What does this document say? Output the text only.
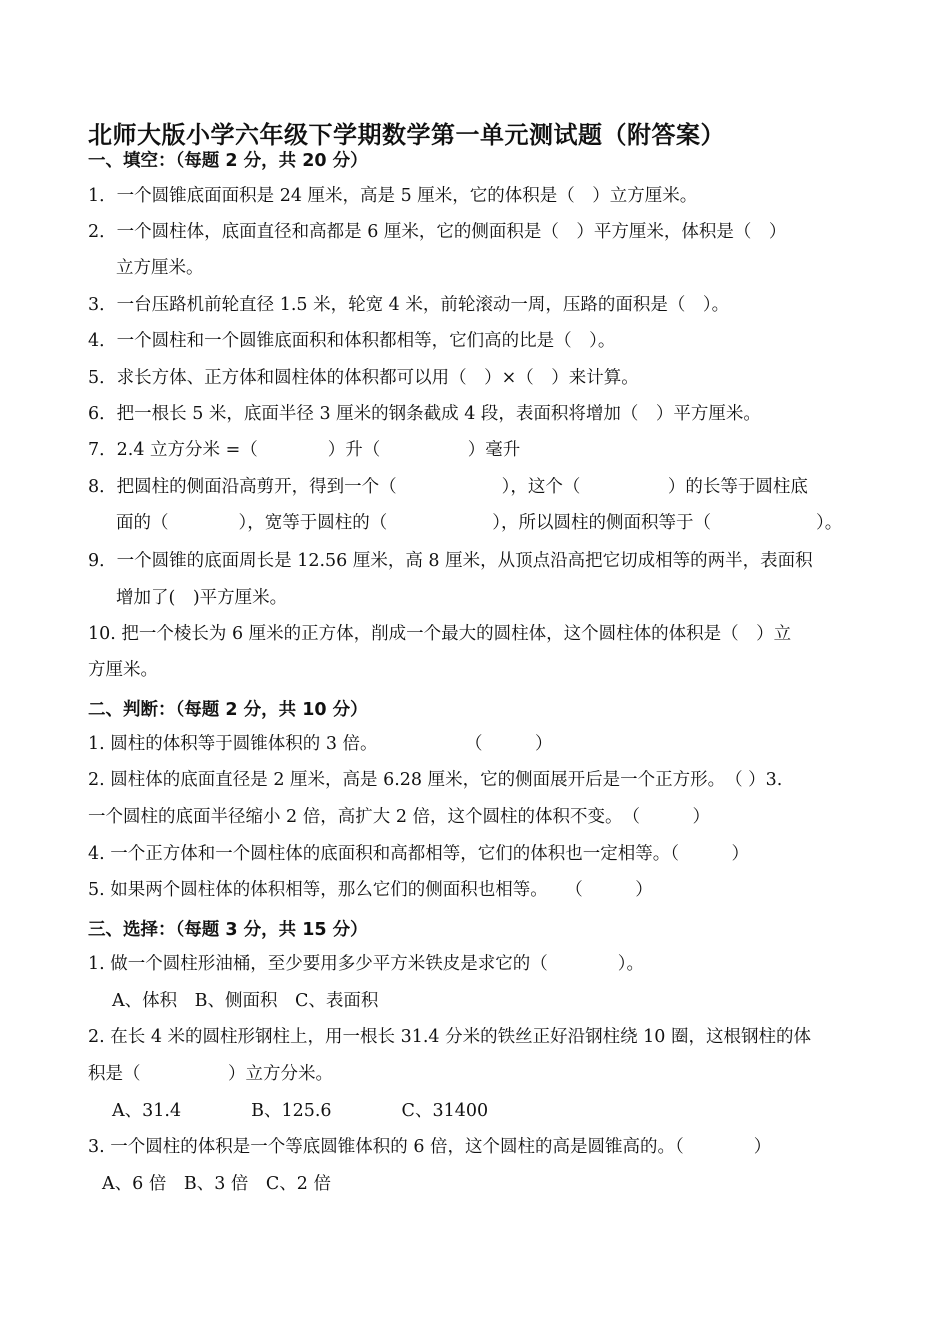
北师大版小学六年级下学期数学第一单元测试题（附答案）
一、填空：（每题 2 分，共 20 分）
1．一个圆锥底面面积是 24 厘米，高是 5 厘米，它的体积是（　）立方厘米。
2．一个圆柱体，底面直径和高都是 6 厘米，它的侧面积是（　）平方厘米，体积是（　）
立方厘米。
3．一台压路机前轮直径 1.5 米，轮宽 4 米，前轮滚动一周，压路的面积是（　）。
4．一个圆柱和一个圆锥底面积和体积都相等，它们高的比是（　）。
5．求长方体、正方体和圆柱体的体积都可以用（　）×（　）来计算。
6．把一根长 5 米，底面半径 3 厘米的钢条截成 4 段，表面积将增加（　）平方厘米。
7．2.4 立方分米 =（　　　　）升（　　　　　）毫升
8．把圆柱的侧面沿高剪开，得到一个（　　　　　　），这个（　　　　　）的长等于圆柱底
面的（　　　　），宽等于圆柱的（　　　　　　），所以圆柱的侧面积等于（　　　　　　）。
9．一个圆锥的底面周长是 12.56 厘米，高 8 厘米，从顶点沿高把它切成相等的两半，表面积
增加了(　)平方厘米。
10. 把一个棱长为 6 厘米的正方体，削成一个最大的圆柱体，这个圆柱体的体积是（　）立
方厘米。
二、判断：（每题 2 分，共 10 分）
1. 圆柱的体积等于圆锥体积的 3 倍。　　　　　　（　　　）
2. 圆柱体的底面直径是 2 厘米，高是 6.28 厘米，它的侧面展开后是一个正方形。　（ ）3.
一个圆柱的底面半径缩小 2 倍，高扩大 2 倍，这个圆柱的体积不变。　（　　　）
4. 一个正方体和一个圆柱体的底面积和高都相等，它们的体积也一定相等。（　　　）
5. 如果两个圆柱体的体积相等，那么它们的侧面积也相等。　　（　　　）
三、选择：（每题 3 分，共 15 分）
1. 做一个圆柱形油桶，至少要用多少平方米铁皮是求它的（　　　　）。
A、体积　B、侧面积　C、表面积
2. 在长 4 米的圆柱形钢柱上，用一根长 31.4 分米的铁丝正好沿钢柱绕 10 圈，这根钢柱的体
积是（　　　　　）立方分米。
A、31.4　　　　B、125.6　　　　C、31400
3. 一个圆柱的体积是一个等底圆锥体积的 6 倍，这个圆柱的高是圆锥高的。（　　　　）
A、6 倍　B、3 倍　C、2 倍
